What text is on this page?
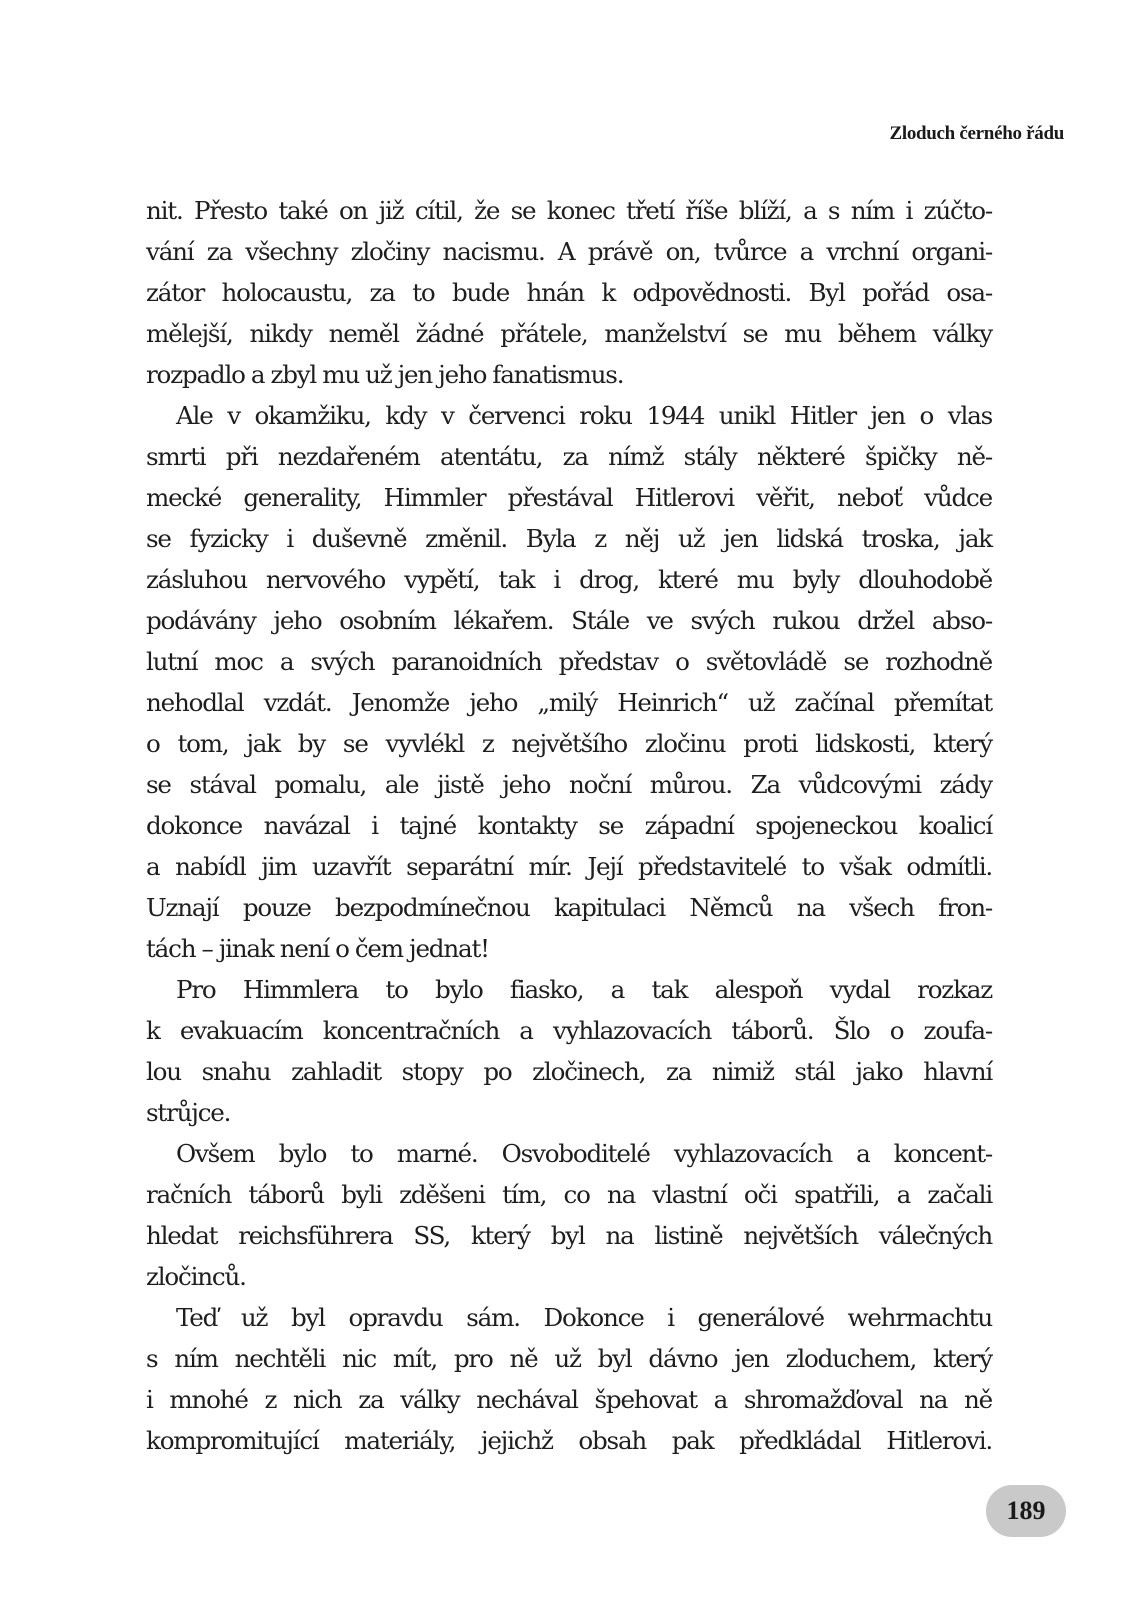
Zloduch černého řádu
nit. Přesto také on již cítil, že se konec třetí říše blíží, a s ním i zúčto-
vání za všechny zločiny nacismu. A právě on, tvůrce a vrchní organi-
zátor holocaustu, za to bude hnán k odpovědnosti. Byl pořád osa-
mělejší, nikdy neměl žádné přátele, manželství se mu během války
rozpadlo a zbyl mu už jen jeho fanatismus.
Ale v okamžiku, kdy v červenci roku 1944 unikl Hitler jen o vlas
smrti při nezdařeném atentátu, za nímž stály některé špičky ně-
mecké generality, Himmler přestával Hitlerovi věřit, neboť vůdce
se fyzicky i duševně změnil. Byla z něj už jen lidská troska, jak
zásluhou nervového vypětí, tak i drog, které mu byly dlouhodobě
podávány jeho osobním lékařem. Stále ve svých rukou držel abso-
lutní moc a svých paranoidních představ o světovládě se rozhodně
nehodlal vzdát. Jenomže jeho „milý Heinrich“ už začínal přemítat
o tom, jak by se vyvlékl z největšího zločinu proti lidskosti, který
se stával pomalu, ale jistě jeho noční můrou. Za vůdcovými zády
dokonce navázal i tajné kontakty se západní spojeneckou koalicí
a nabídl jim uzavřít separátní mír. Její představitelé to však odmítli.
Uznají pouze bezpodmínečnou kapitulaci Němců na všech fron-
tách – jinak není o čem jednat!
Pro Himmlera to bylo fiasko, a tak alespoň vydal rozkaz
k evakuacím koncentračních a vyhlazovacích táborů. Šlo o zoufa-
lou snahu zahladit stopy po zločinech, za nimiž stál jako hlavní
strůjce.
Ovšem bylo to marné. Osvoboditelé vyhlazovacích a koncent-
račních táborů byli zděšeni tím, co na vlastní oči spatřili, a začali
hledat reichsführera SS, který byl na listině největších válečných
zločinců.
Teď už byl opravdu sám. Dokonce i generálové wehrmachtu
s ním nechtěli nic mít, pro ně už byl dávno jen zloduchem, který
i mnohé z nich za války nechával špehovat a shromažďoval na ně
kompromitující materiály, jejichž obsah pak předkládal Hitlerovi.
189
